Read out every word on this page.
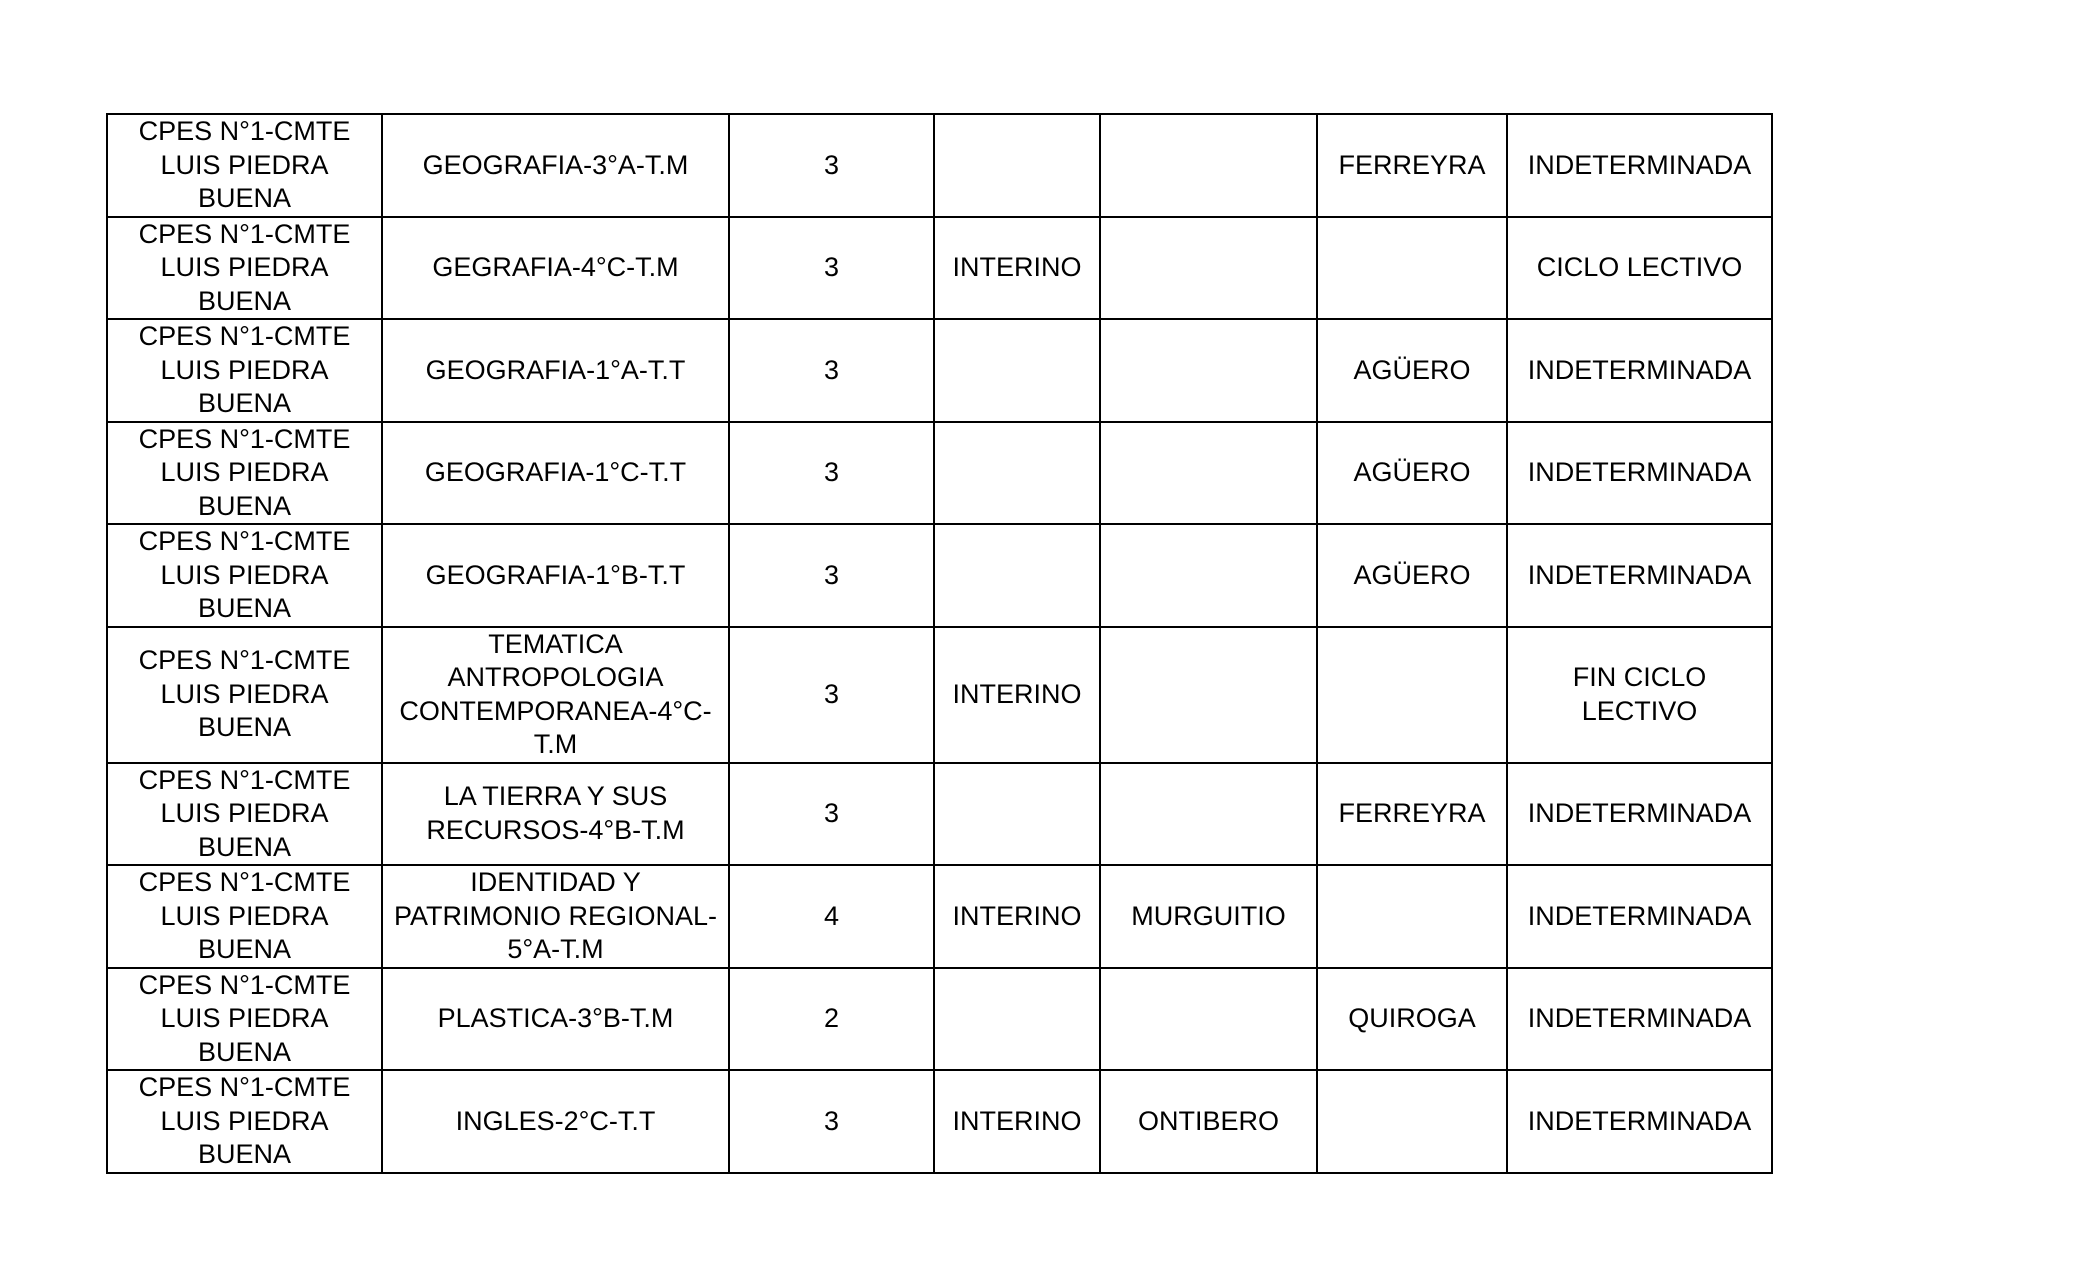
CPES N°1-CMTE LUIS PIEDRA BUENA	GEOGRAFIA-3°A-T.M	3			FERREYRA	INDETERMINADA
CPES N°1-CMTE LUIS PIEDRA BUENA	GEGRAFIA-4°C-T.M	3	INTERINO			CICLO LECTIVO
CPES N°1-CMTE LUIS PIEDRA BUENA	GEOGRAFIA-1°A-T.T	3			AGÜERO	INDETERMINADA
CPES N°1-CMTE LUIS PIEDRA BUENA	GEOGRAFIA-1°C-T.T	3			AGÜERO	INDETERMINADA
CPES N°1-CMTE LUIS PIEDRA BUENA	GEOGRAFIA-1°B-T.T	3			AGÜERO	INDETERMINADA
CPES N°1-CMTE LUIS PIEDRA BUENA	TEMATICA ANTROPOLOGIA CONTEMPORANEA-4°C-T.M	3	INTERINO			FIN CICLO LECTIVO
CPES N°1-CMTE LUIS PIEDRA BUENA	LA TIERRA Y SUS RECURSOS-4°B-T.M	3			FERREYRA	INDETERMINADA
CPES N°1-CMTE LUIS PIEDRA BUENA	IDENTIDAD Y PATRIMONIO REGIONAL-5°A-T.M	4	INTERINO	MURGUITIO		INDETERMINADA
CPES N°1-CMTE LUIS PIEDRA BUENA	PLASTICA-3°B-T.M	2			QUIROGA	INDETERMINADA
CPES N°1-CMTE LUIS PIEDRA BUENA	INGLES-2°C-T.T	3	INTERINO	ONTIBERO		INDETERMINADA
